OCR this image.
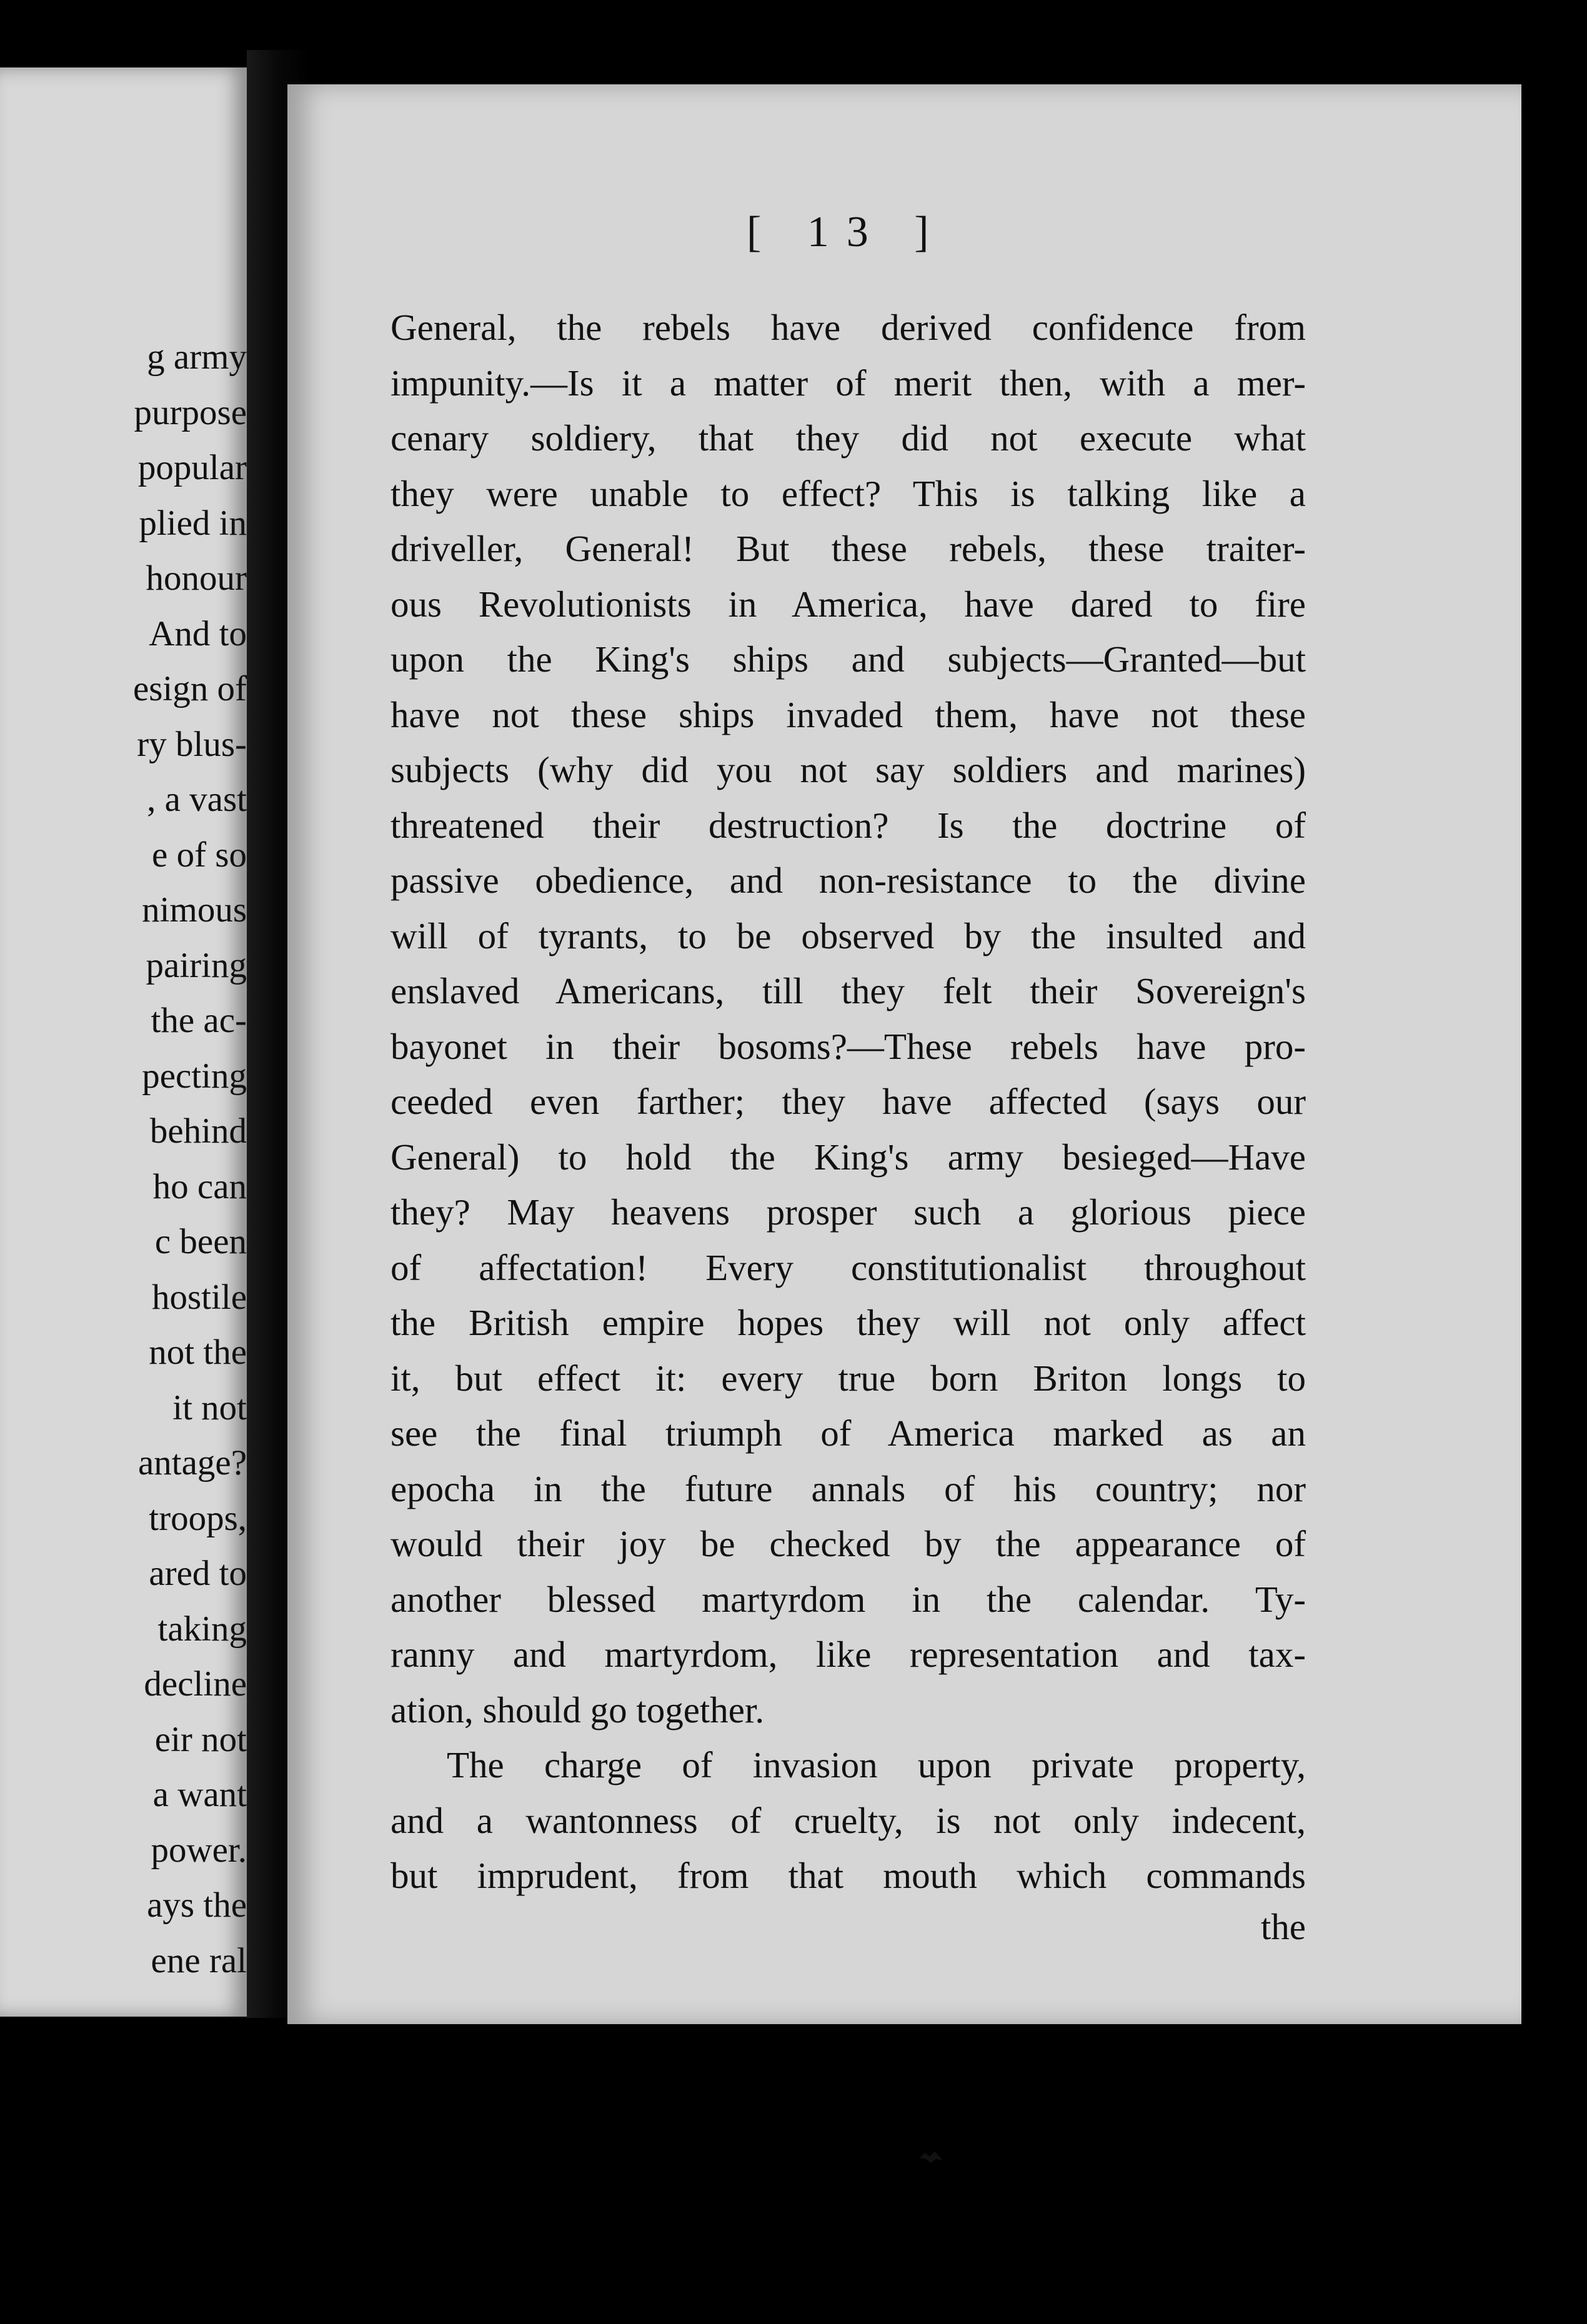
g army
purpose
popular
plied in
honour
And to
esign of
ry blus-
, a vast
e of so
nimous
pairing
the ac-
pecting
behind
ho can
c been
hostile
not the
it not
antage?
troops,
ared to
taking
decline
eir not
a want
power.
ays the
ene ral
[ 13 ]
General, the rebels have derived confidence from
impunity.—Is it a matter of merit then, with a mer-
cenary soldiery, that they did not execute what
they were unable to effect? This is talking like a
driveller, General! But these rebels, these traiter-
ous Revolutionists in America, have dared to fire
upon the King's ships and subjects—Granted—but
have not these ships invaded them, have not these
subjects (why did you not say soldiers and marines)
threatened their destruction? Is the doctrine of
passive obedience, and non-resistance to the divine
will of tyrants, to be observed by the insulted and
enslaved Americans, till they felt their Sovereign's
bayonet in their bosoms?—These rebels have pro-
ceeded even farther; they have affected (says our
General) to hold the King's army besieged—Have
they? May heavens prosper such a glorious piece
of affectation! Every constitutionalist throughout
the British empire hopes they will not only affect
it, but effect it: every true born Briton longs to
see the final triumph of America marked as an
epocha in the future annals of his country; nor
would their joy be checked by the appearance of
another blessed martyrdom in the calendar. Ty-
ranny and martyrdom, like representation and tax-
ation, should go together.
The charge of invasion upon private property,
and a wantonness of cruelty, is not only indecent,
but imprudent, from that mouth which commands
the
